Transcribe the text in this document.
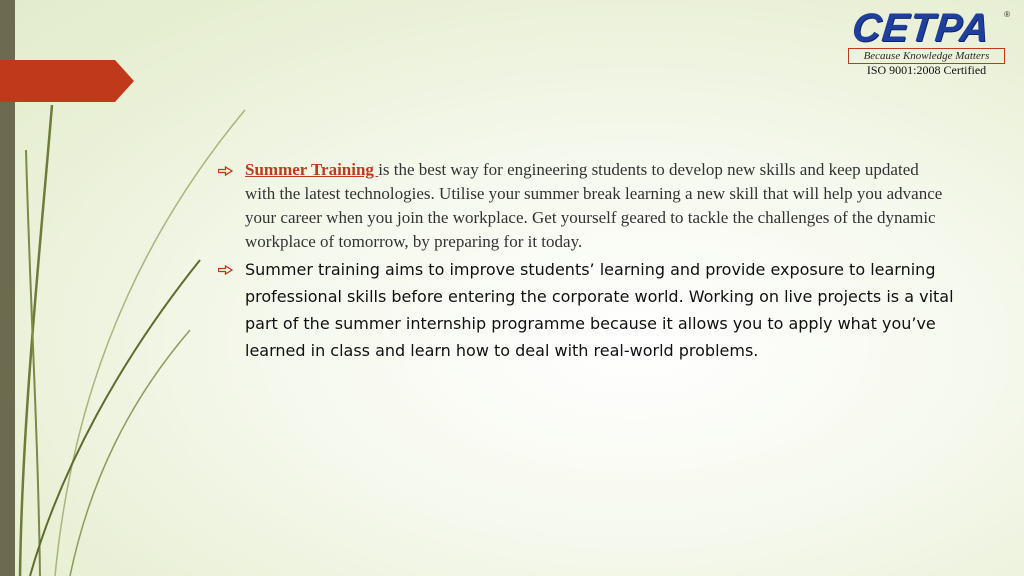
CETPA	®
Because Knowledge Matters
ISO 9001:2008 Certified
Summer Training is the best way for engineering students to develop new skills and keep updated with the latest technologies. Utilise your summer break learning a new skill that will help you advance your career when you join the workplace. Get yourself geared to tackle the challenges of the dynamic workplace of tomorrow, by preparing for it today.
Summer training aims to improve students’ learning and provide exposure to learning professional skills before entering the corporate world. Working on live projects is a vital part of the summer internship programme because it allows you to apply what you’ve learned in class and learn how to deal with real-world problems.
